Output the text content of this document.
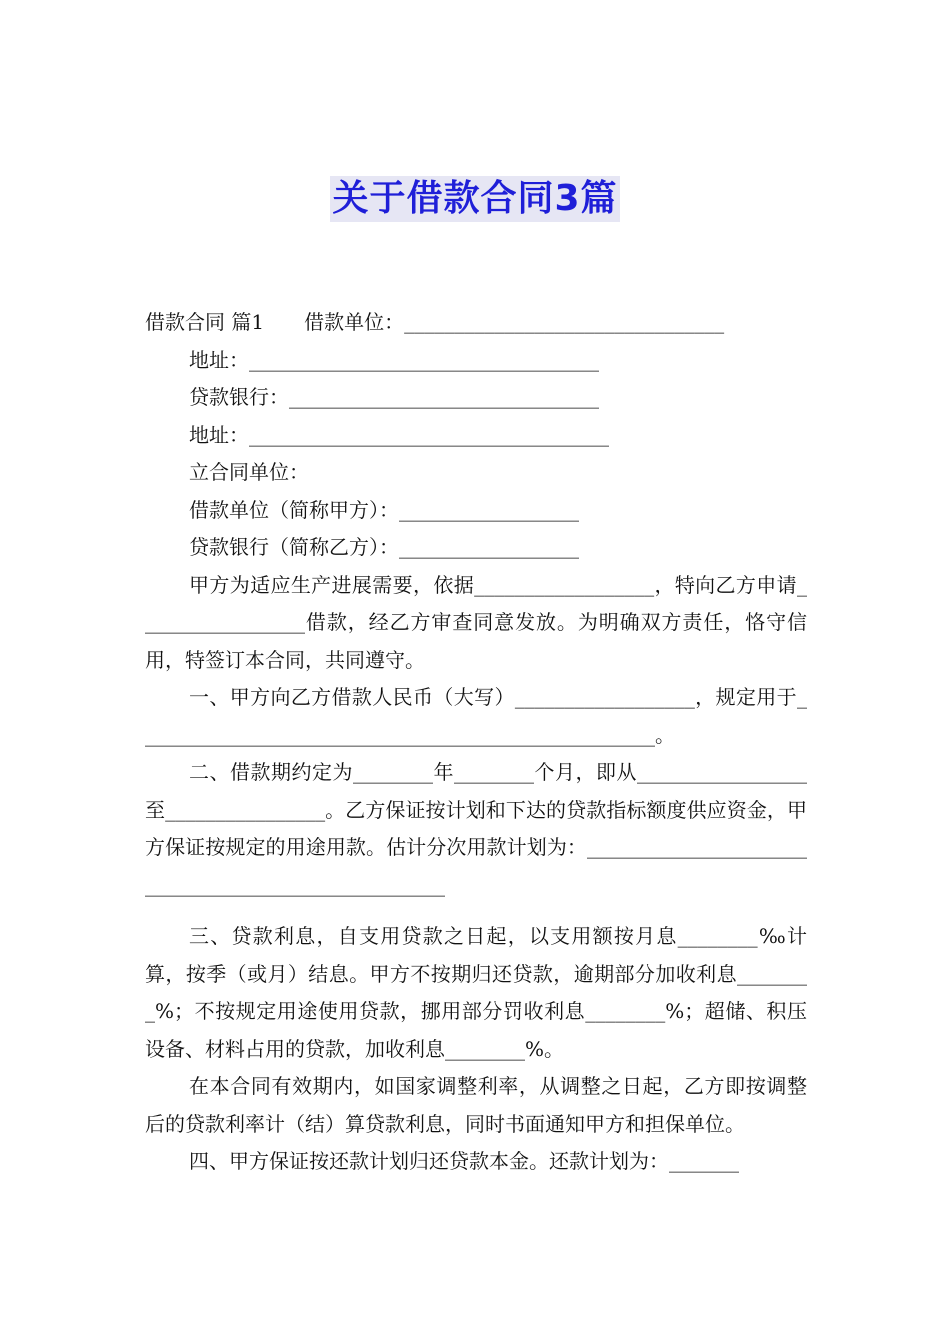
关于借款合同3篇
借款合同 篇1 借款单位：________________________________
地址：___________________________________
贷款银行：_______________________________
地址：____________________________________
立合同单位：
借款单位（简称甲方）：__________________
贷款银行（简称乙方）：__________________
甲方为适应生产进展需要，依据__________________，特向乙方申请_________________借款，经乙方审查同意发放。为明确双方责任，恪守信用，特签订本合同，共同遵守。
一、甲方向乙方借款人民币（大写）__________________，规定用于____________________________________________________。
二、借款期约定为________年________个月，即从_________________至________________。乙方保证按计划和下达的贷款指标额度供应资金，甲方保证按规定的用途用款。估计分次用款计划为：____________________________________________________
三、贷款利息，自支用贷款之日起，以支用额按月息________‰计算，按季（或月）结息。甲方不按期归还贷款，逾期部分加收利息________%；不按规定用途使用贷款，挪用部分罚收利息________%；超储、积压设备、材料占用的贷款，加收利息________%。
在本合同有效期内，如国家调整利率，从调整之日起，乙方即按调整后的贷款利率计（结）算贷款利息，同时书面通知甲方和担保单位。
四、甲方保证按还款计划归还贷款本金。还款计划为：_______
